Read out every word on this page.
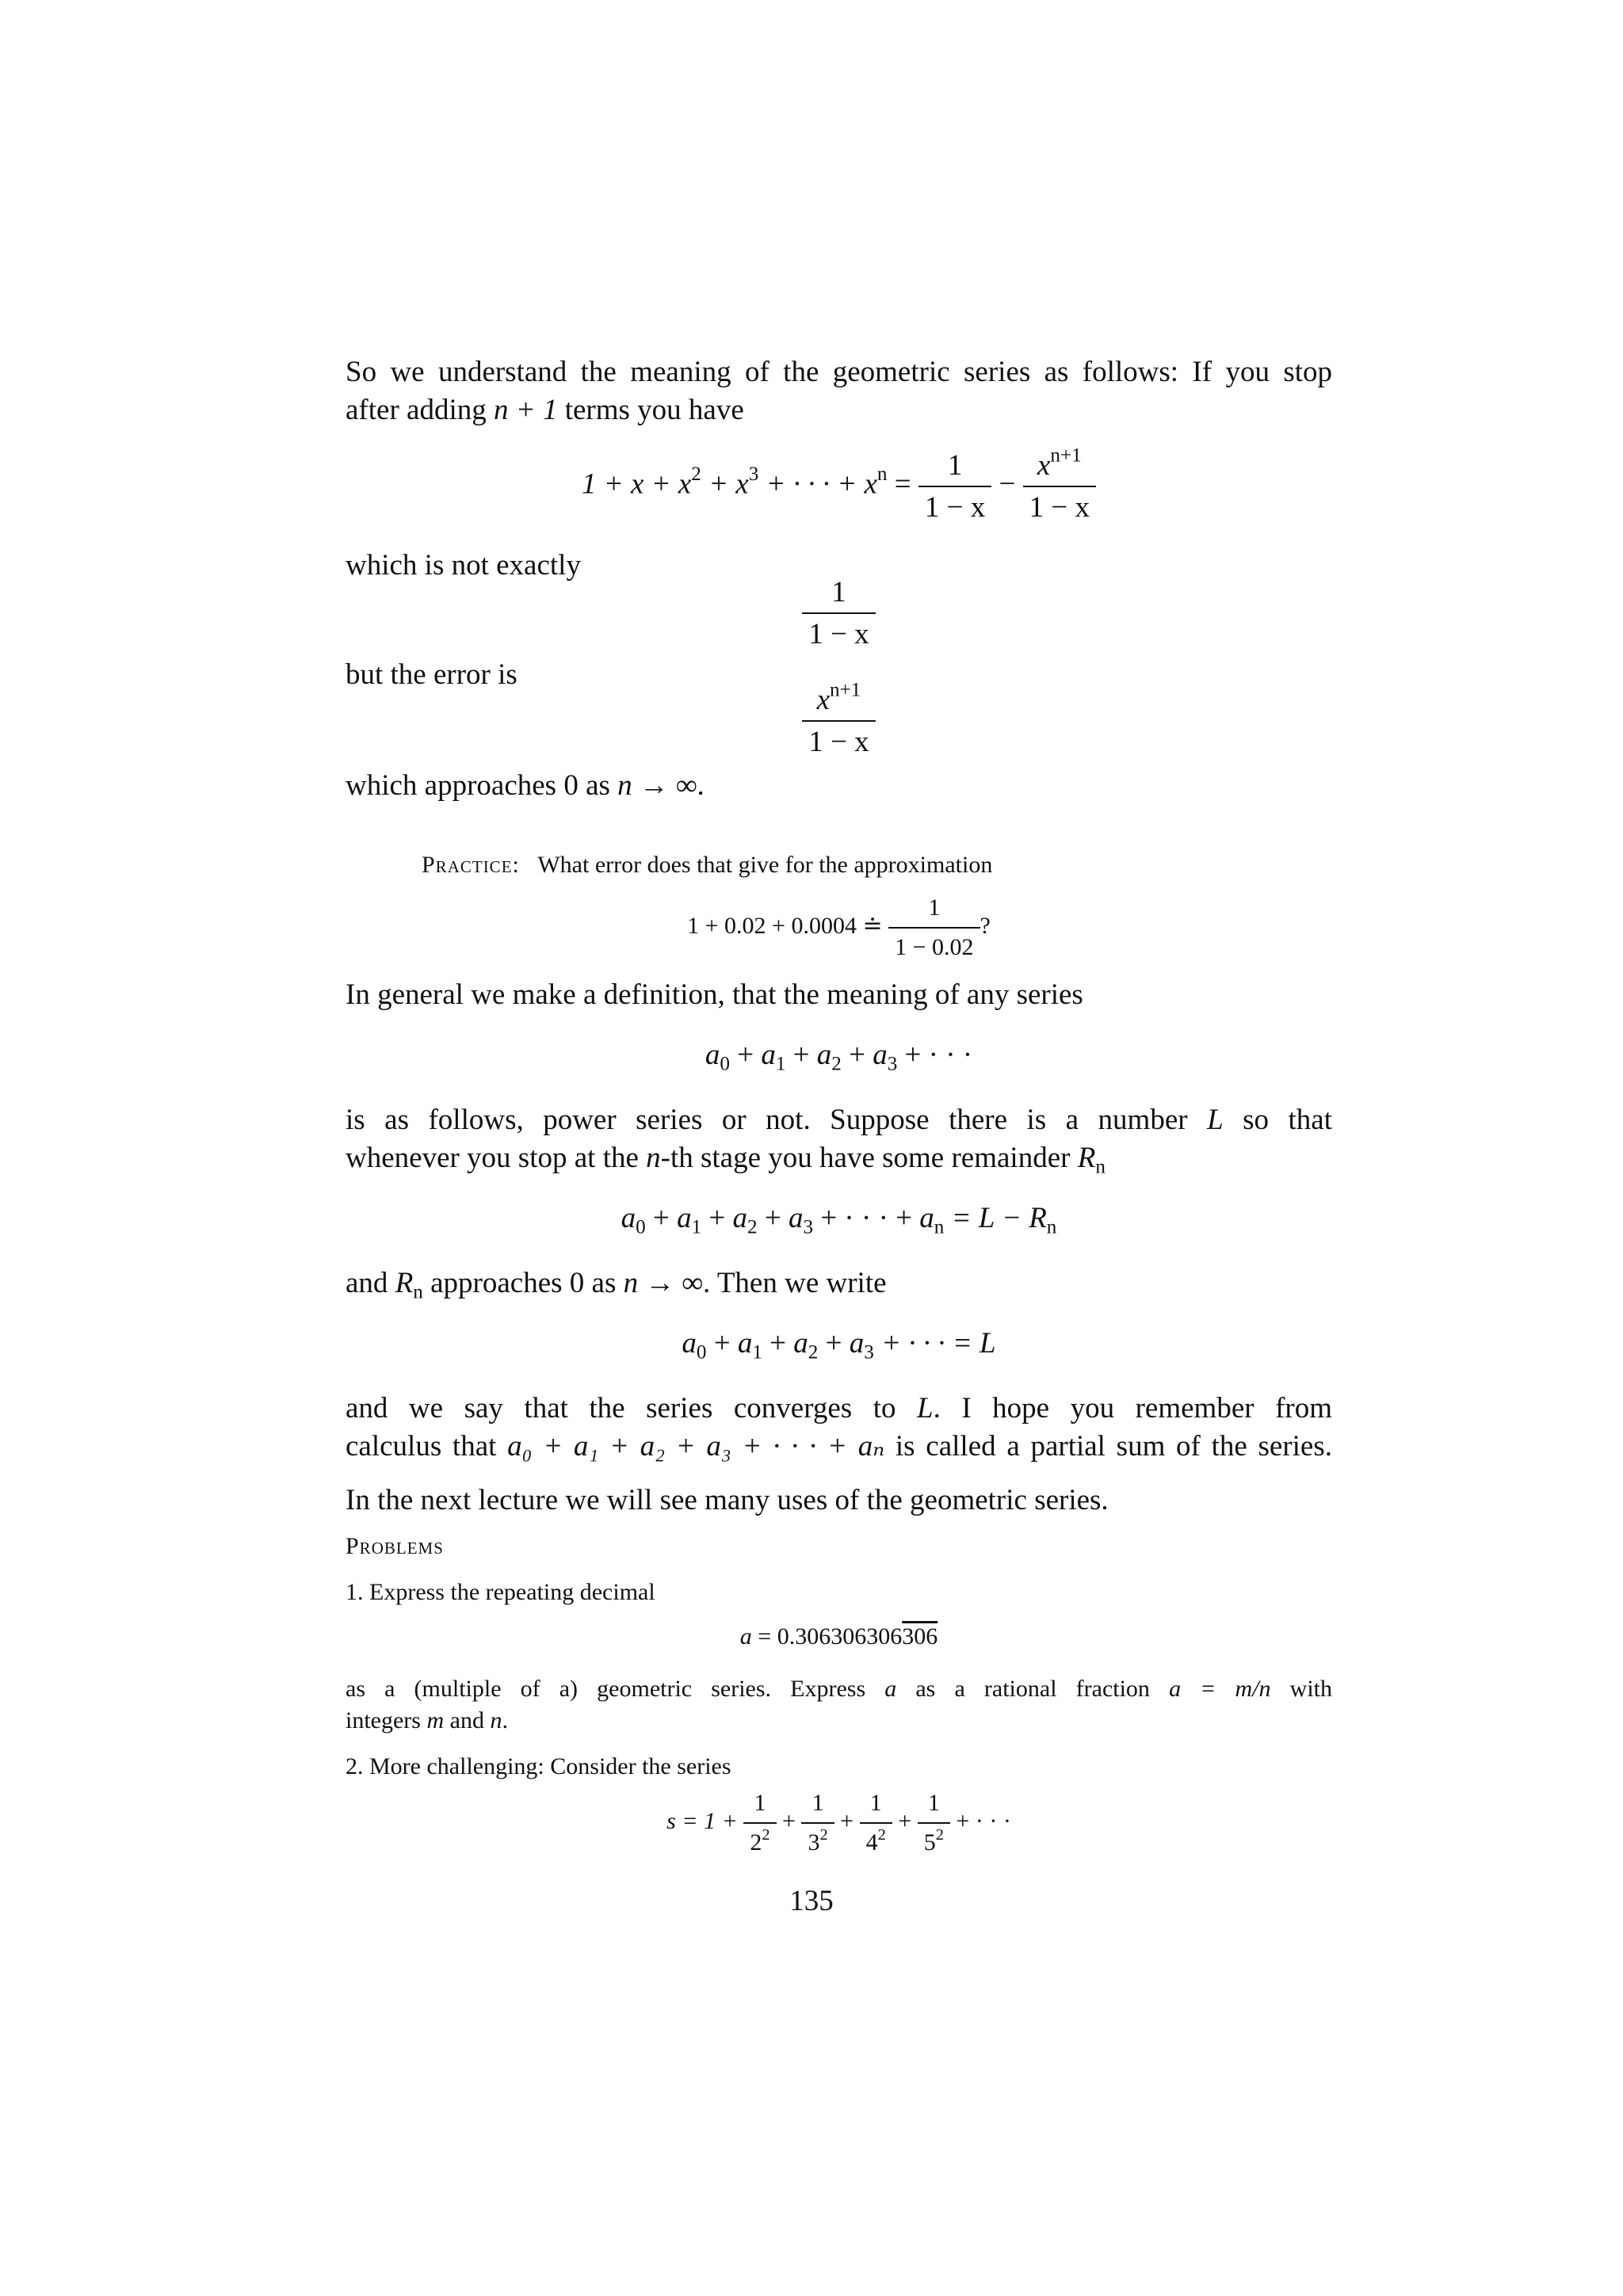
So we understand the meaning of the geometric series as follows: If you stop
after adding n + 1 terms you have
$1 + x + x^2 + x^3$ + · · · + $x^n = \frac{1}{1 - x} - \frac{x^{n+1}}{1 - x}$
which is not exactly
$\frac{1}{1 - x}$
but the error is
$\frac{x^{n+1}}{1 - x}$
which approaches 0 as n → ∞.
Practice: What error does that give for the approximation
1 + 0.02 + 0.0004 ≐ $\frac{1}{1 - 0.02}$ ?
In general we make a definition, that the meaning of any series
$a_0 + a_1 + a_2 + a_3$ + · · ·
is as follows, power series or not. Suppose there is a number L so that
whenever you stop at the n-th stage you have some remainder $R_n$
$a_0 + a_1 + a_2 + a_3$ + · · · + $a_n = L - R_n$
and $R_n$ approaches 0 as n → ∞. Then we write
$a_0 + a_1 + a_2 + a_3$ + · · · = L
and we say that the series converges to L. I hope you remember from
calculus that a₀ + a₁ + a₂ + a₃ + · · · + aₙ is called a partial sum of the series.
In the next lecture we will see many uses of the geometric series.
Problems
1. Express the repeating decimal
a = 0.306306306306
as a (multiple of a) geometric series. Express a as a rational fraction a = m/n with
integers m and n.
2. More challenging: Consider the series
$s = 1 + \frac{1}{2^2} + \frac{1}{3^2} + \frac{1}{4^2} + \frac{1}{5^2}$ + · · ·
135
